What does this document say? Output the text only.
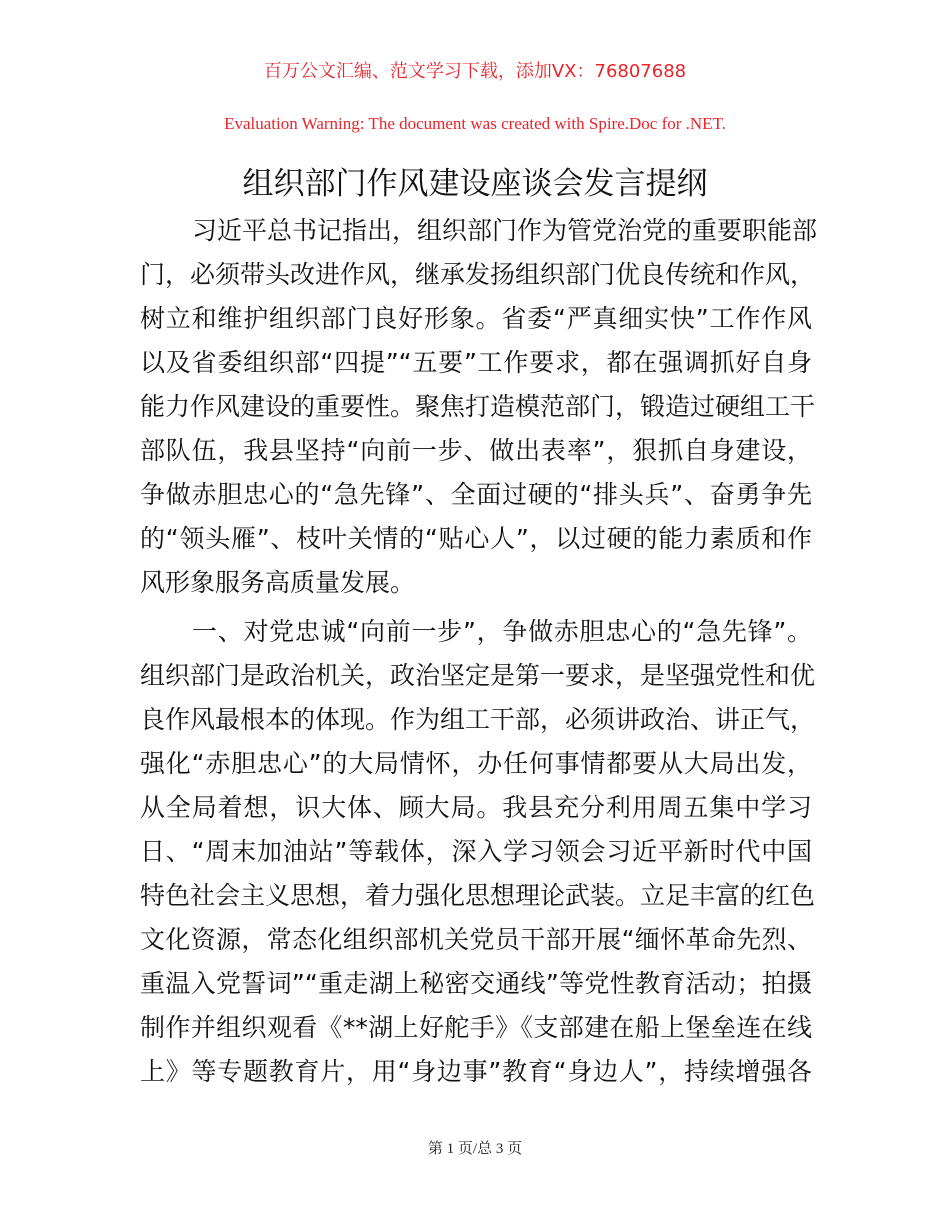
百万公文汇编、范文学习下载，添加VX：76807688
Evaluation Warning: The document was created with Spire.Doc for .NET.
组织部门作风建设座谈会发言提纲
习近平总书记指出，组织部门作为管党治党的重要职能部
门，必须带头改进作风，继承发扬组织部门优良传统和作风，
树立和维护组织部门良好形象。省委“严真细实快”工作作风
以及省委组织部“四提”“五要”工作要求，都在强调抓好自身
能力作风建设的重要性。聚焦打造模范部门，锻造过硬组工干
部队伍，我县坚持“向前一步、做出表率”，狠抓自身建设，
争做赤胆忠心的“急先锋”、全面过硬的“排头兵”、奋勇争先
的“领头雁”、枝叶关情的“贴心人”，以过硬的能力素质和作
风形象服务高质量发展。
一、对党忠诚“向前一步”，争做赤胆忠心的“急先锋”。
组织部门是政治机关，政治坚定是第一要求，是坚强党性和优
良作风最根本的体现。作为组工干部，必须讲政治、讲正气，
强化“赤胆忠心”的大局情怀，办任何事情都要从大局出发，
从全局着想，识大体、顾大局。我县充分利用周五集中学习
日、“周末加油站”等载体，深入学习领会习近平新时代中国
特色社会主义思想，着力强化思想理论武装。立足丰富的红色
文化资源，常态化组织部机关党员干部开展“缅怀革命先烈、
重温入党誓词”“重走湖上秘密交通线”等党性教育活动；拍摄
制作并组织观看《**湖上好舵手》《支部建在船上堡垒连在线
上》等专题教育片，用“身边事”教育“身边人”，持续增强各
第 1 页/总 3 页
